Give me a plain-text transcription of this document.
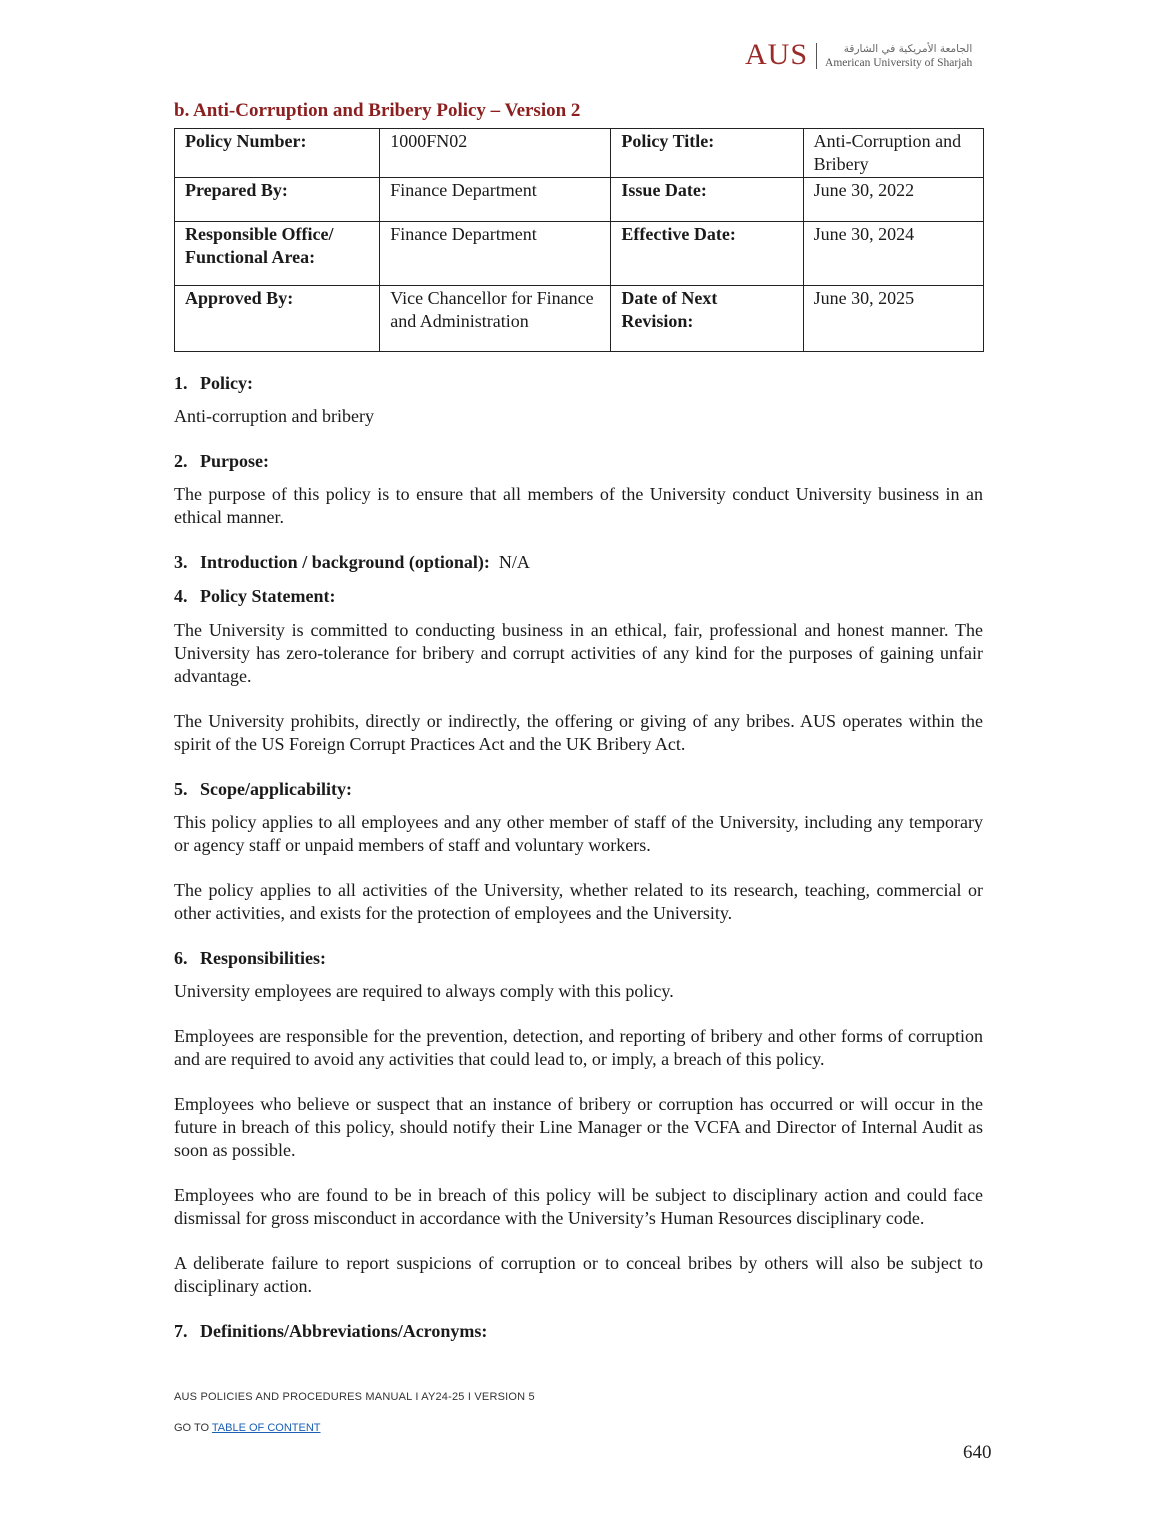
AUS	الجامعة الأمريكية في الشارقة
American University of Sharjah
b. Anti-Corruption and Bribery Policy – Version 2
Policy Number:	1000FN02	Policy Title:	Anti-Corruption and Bribery
Prepared By:	Finance Department	Issue Date:	June 30, 2022
Responsible Office/ Functional Area:	Finance Department	Effective Date:	June 30, 2024
Approved By:	Vice Chancellor for Finance and Administration	Date of Next Revision:	June 30, 2025

1. Policy:

Anti-corruption and bribery

2. Purpose:

The purpose of this policy is to ensure that all members of the University conduct University business in an ethical manner.

3. Introduction / background (optional): N/A

4. Policy Statement:

The University is committed to conducting business in an ethical, fair, professional and honest manner. The University has zero-tolerance for bribery and corrupt activities of any kind for the purposes of gaining unfair advantage.

The University prohibits, directly or indirectly, the offering or giving of any bribes. AUS operates within the spirit of the US Foreign Corrupt Practices Act and the UK Bribery Act.

5. Scope/applicability:

This policy applies to all employees and any other member of staff of the University, including any temporary or agency staff or unpaid members of staff and voluntary workers.

The policy applies to all activities of the University, whether related to its research, teaching, commercial or other activities, and exists for the protection of employees and the University.

6. Responsibilities:

University employees are required to always comply with this policy.

Employees are responsible for the prevention, detection, and reporting of bribery and other forms of corruption and are required to avoid any activities that could lead to, or imply, a breach of this policy.

Employees who believe or suspect that an instance of bribery or corruption has occurred or will occur in the future in breach of this policy, should notify their Line Manager or the VCFA and Director of Internal Audit as soon as possible.

Employees who are found to be in breach of this policy will be subject to disciplinary action and could face dismissal for gross misconduct in accordance with the University’s Human Resources disciplinary code.

A deliberate failure to report suspicions of corruption or to conceal bribes by others will also be subject to disciplinary action.

7. Definitions/Abbreviations/Acronyms:

AUS POLICIES AND PROCEDURES MANUAL I AY24-25 I VERSION 5
GO TO TABLE OF CONTENT
640
